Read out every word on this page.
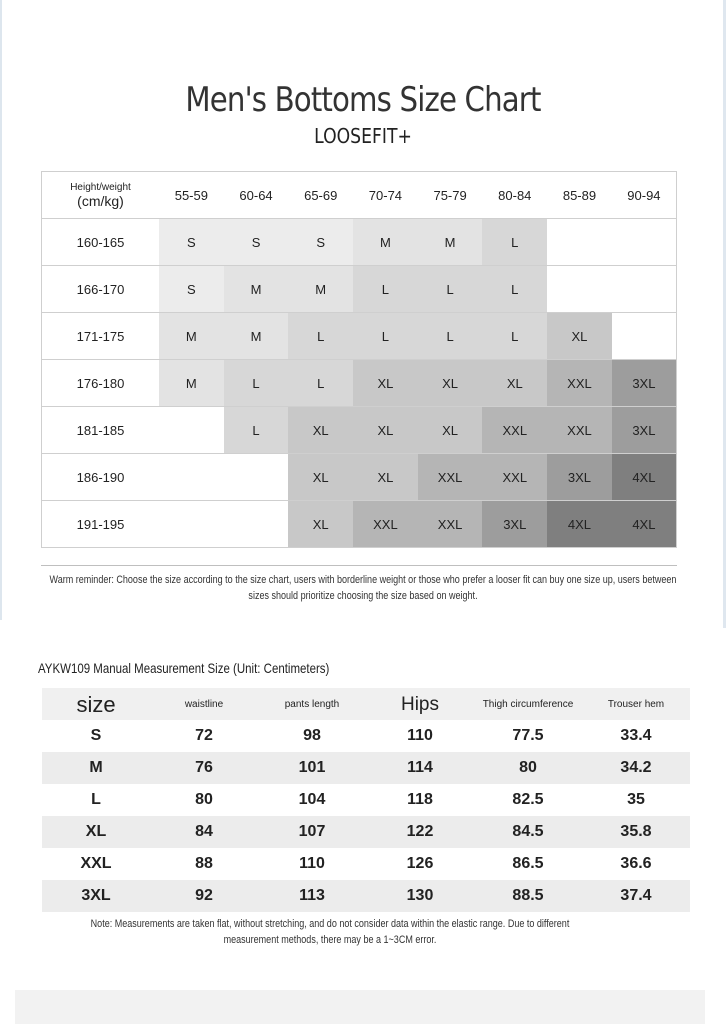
Men's Bottoms Size Chart
LOOSEFIT+
Height/weight
(cm/kg)	55-59	60-64	65-69	70-74	75-79	80-84	85-89	90-94
160-165	S	S	S	M	M	L		
166-170	S	M	M	L	L	L		
171-175	M	M	L	L	L	L	XL	
176-180	M	L	L	XL	XL	XL	XXL	3XL
181-185		L	XL	XL	XL	XXL	XXL	3XL
186-190			XL	XL	XXL	XXL	3XL	4XL
191-195			XL	XXL	XXL	3XL	4XL	4XL
Warm reminder: Choose the size according to the size chart, users with borderline weight or those who prefer a looser fit can buy one size up, users between sizes should prioritize choosing the size based on weight.
AYKW109 Manual Measurement Size (Unit: Centimeters)
size	waistline	pants length	Hips	Thigh circumference	Trouser hem
S	72	98	110	77.5	33.4
M	76	101	114	80	34.2
L	80	104	118	82.5	35
XL	84	107	122	84.5	35.8
XXL	88	110	126	86.5	36.6
3XL	92	113	130	88.5	37.4
Note: Measurements are taken flat, without stretching, and do not consider data within the elastic range. Due to different measurement methods, there may be a 1~3CM error.
